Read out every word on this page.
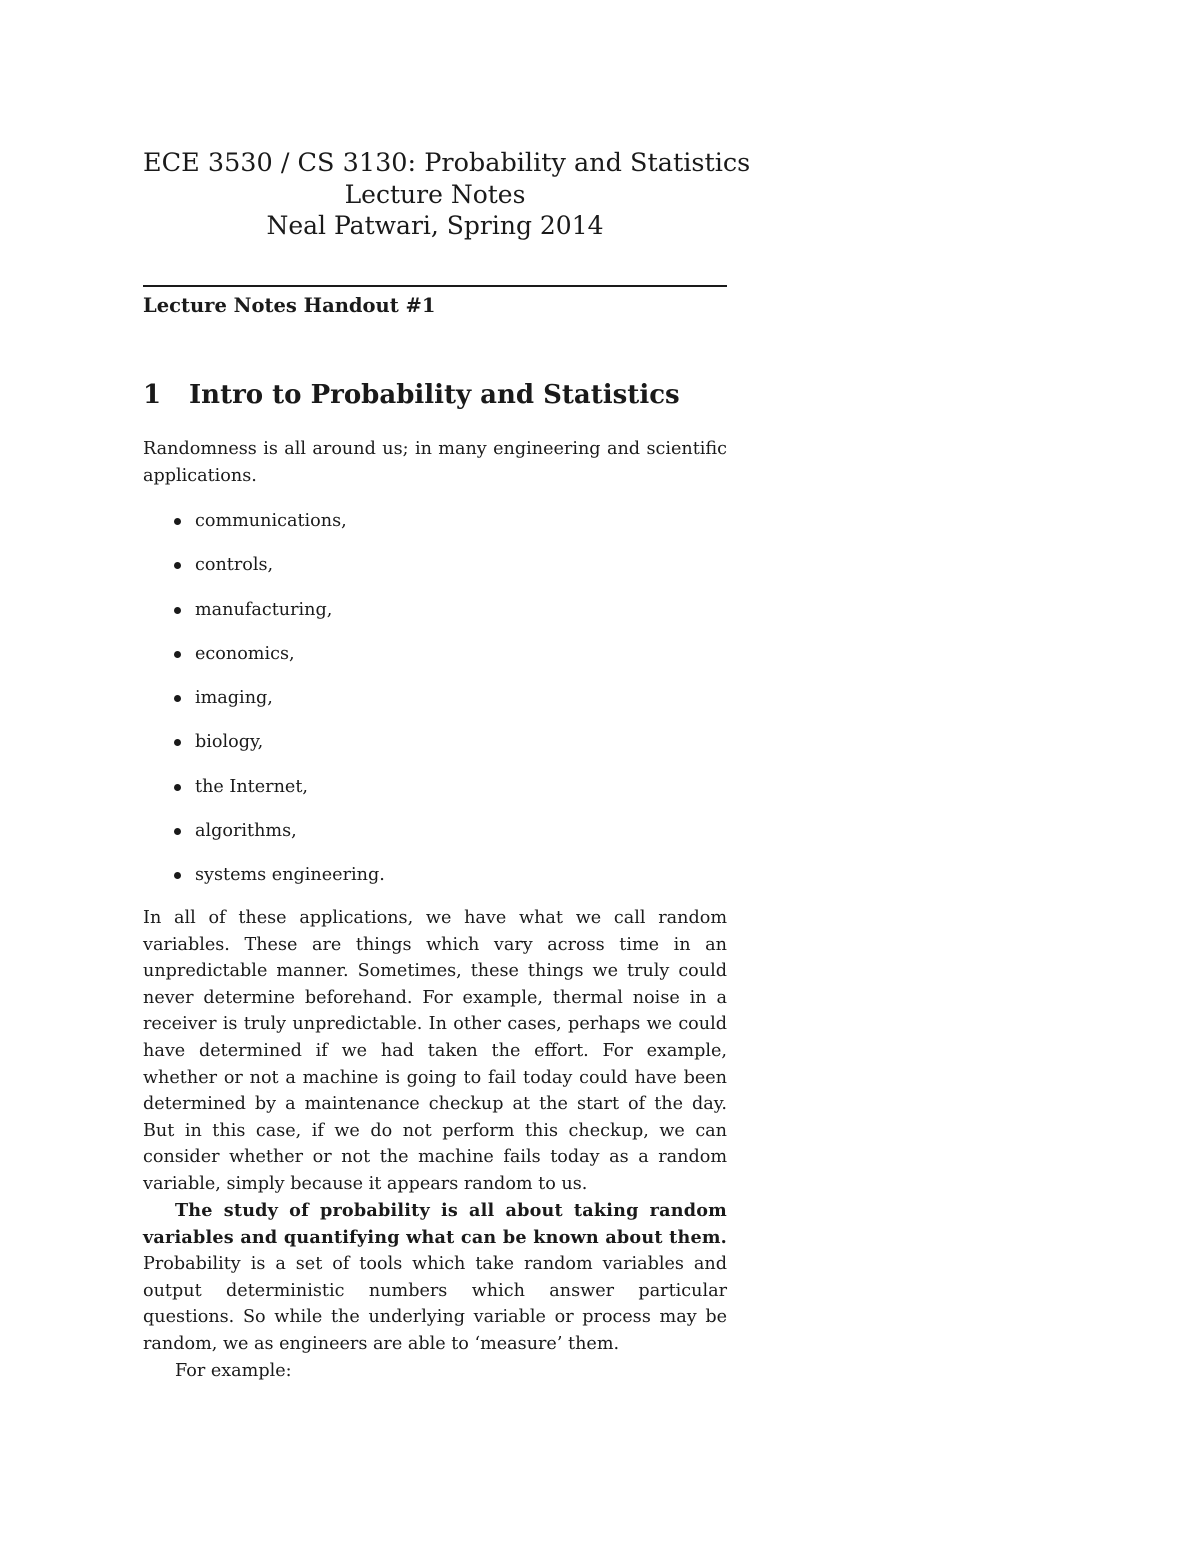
ECE 3530 / CS 3130: Probability and Statistics
Lecture Notes
Neal Patwari, Spring 2014
Lecture Notes Handout #1
1 Intro to Probability and Statistics
Randomness is all around us; in many engineering and scientific applications.
communications,
controls,
manufacturing,
economics,
imaging,
biology,
the Internet,
algorithms,
systems engineering.
In all of these applications, we have what we call random variables. These are things which vary across time in an unpredictable manner. Sometimes, these things we truly could never determine beforehand. For example, thermal noise in a receiver is truly unpredictable. In other cases, perhaps we could have determined if we had taken the effort. For example, whether or not a machine is going to fail today could have been determined by a maintenance checkup at the start of the day. But in this case, if we do not perform this checkup, we can consider whether or not the machine fails today as a random variable, simply because it appears random to us.
The study of probability is all about taking random variables and quantifying what can be known about them. Probability is a set of tools which take random variables and output deterministic numbers which answer particular questions. So while the underlying variable or process may be random, we as engineers are able to ‘measure’ them.
For example:
